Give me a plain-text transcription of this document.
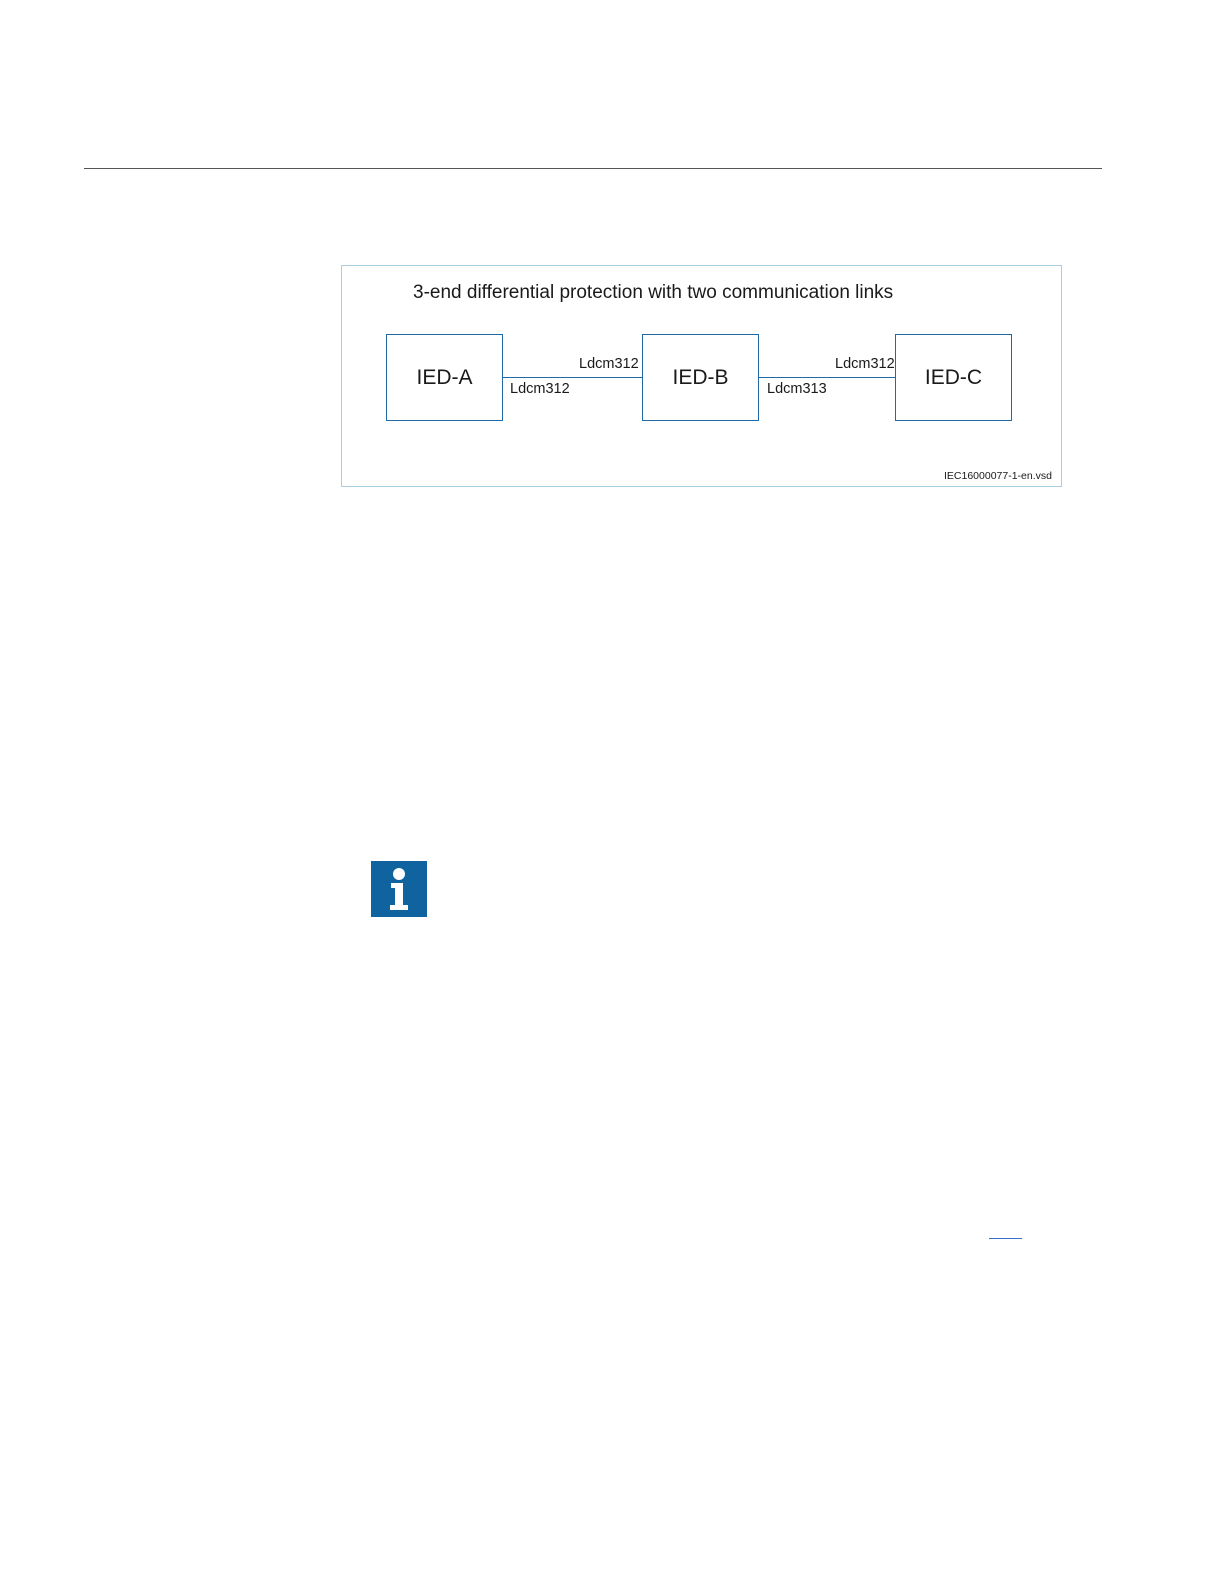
3-end differential protection with two communication links
IED-A	IED-B	IED-C
Ldcm312
Ldcm312
Ldcm313
Ldcm312
IEC16000077-1-en.vsd
